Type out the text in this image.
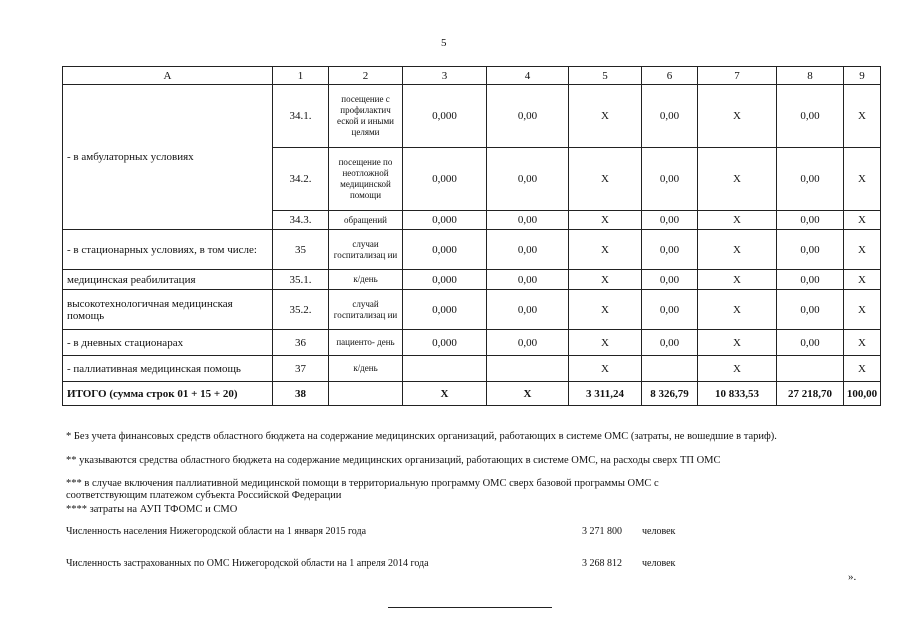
5
А	1	2	3	4	5	6	7	8	9
- в амбулаторных условиях	34.1.	посещение с профилактич еской и иными целями	0,000	0,00	X	0,00	X	0,00	X
	34.2.	посещение по неотложной медицинской помощи	0,000	0,00	X	0,00	X	0,00	X
	34.3.	обращений	0,000	0,00	X	0,00	X	0,00	X
- в стационарных условиях, в том числе:	35	случаи госпитализац ии	0,000	0,00	X	0,00	X	0,00	X
медицинская реабилитация	35.1.	к/день	0,000	0,00	X	0,00	X	0,00	X
высокотехнологичная медицинская помощь	35.2.	случай госпитализац ии	0,000	0,00	X	0,00	X	0,00	X
- в дневных стационарах	36	пациенто- день	0,000	0,00	X	0,00	X	0,00	X
- паллиативная медицинская помощь	37	к/день			X		X		X
ИТОГО (сумма строк 01 + 15 + 20)	38		X	X	3 311,24	8 326,79	10 833,53	27 218,70	100,00
* Без учета финансовых средств областного бюджета на содержание медицинских организаций, работающих в системе ОМС (затраты, не вошедшие в тариф).
** указываются средства областного бюджета на содержание медицинских организаций, работающих в системе ОМС, на расходы сверх ТП ОМС
*** в случае включения паллиативной медицинской помощи в территориальную программу ОМС сверх базовой программы ОМС с
соответствующим платежом субъекта Российской Федерации
**** затраты на АУП ТФОМС и СМО
Численность населения Нижегородской области на 1 января 2015 года	3 271 800 человек
Численность застрахованных по ОМС Нижегородской области на 1 апреля 2014 года	3 268 812 человек
».
